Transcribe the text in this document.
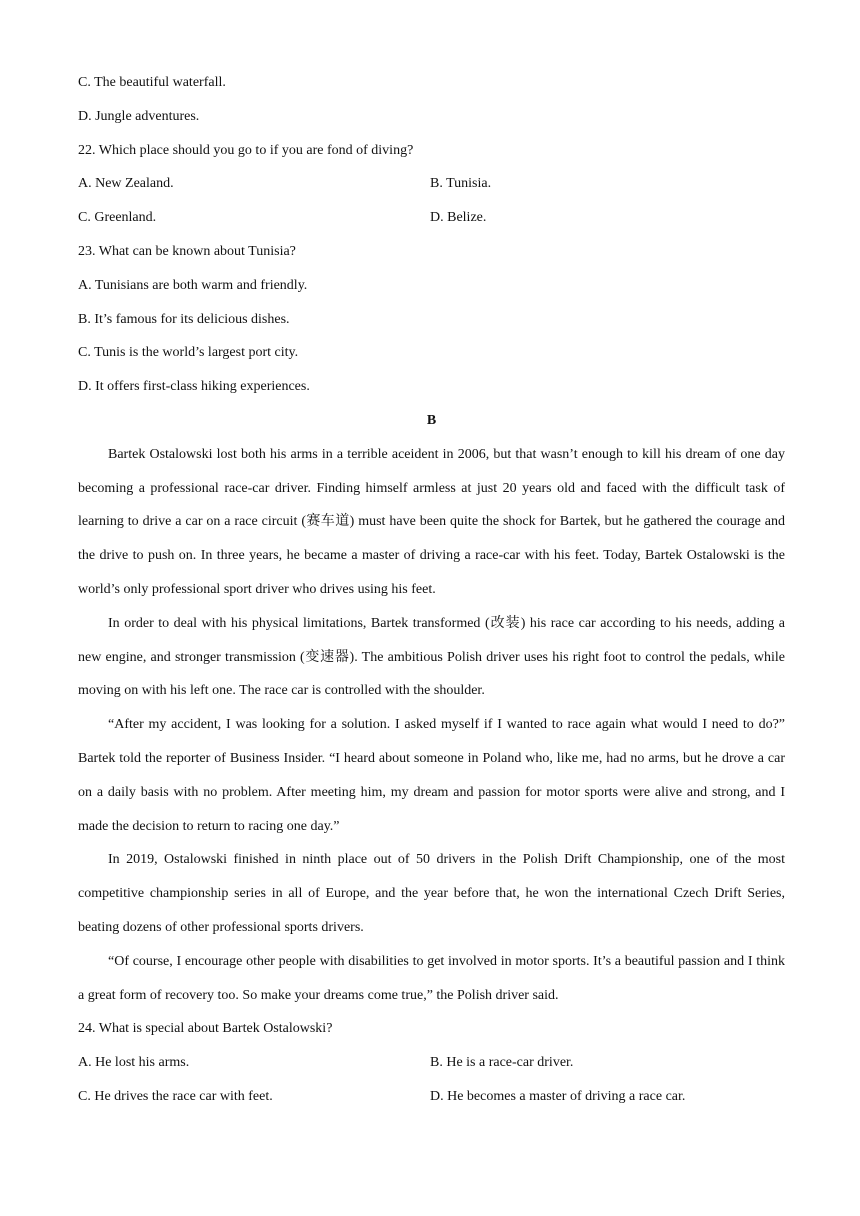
C. The beautiful waterfall.
D. Jungle adventures.
22. Which place should you go to if you are fond of diving?
A. New Zealand.	B. Tunisia.
C. Greenland.	D. Belize.
23. What can be known about Tunisia?
A. Tunisians are both warm and friendly.
B. It’s famous for its delicious dishes.
C. Tunis is the world’s largest port city.
D. It offers first-class hiking experiences.
B

Bartek Ostalowski lost both his arms in a terrible aceident in 2006, but that wasn’t enough to kill his dream of one day becoming a professional race-car driver. Finding himself armless at just 20 years old and faced with the difficult task of learning to drive a car on a race circuit (赛车道) must have been quite the shock for Bartek, but he gathered the courage and the drive to push on. In three years, he became a master of driving a race-car with his feet. Today, Bartek Ostalowski is the world’s only professional sport driver who drives using his feet.

In order to deal with his physical limitations, Bartek transformed (改装) his race car according to his needs, adding a new engine, and stronger transmission (变速器). The ambitious Polish driver uses his right foot to control the pedals, while moving on with his left one. The race car is controlled with the shoulder.

“After my accident, I was looking for a solution. I asked myself if I wanted to race again what would I need to do?” Bartek told the reporter of Business Insider. “I heard about someone in Poland who, like me, had no arms, but he drove a car on a daily basis with no problem. After meeting him, my dream and passion for motor sports were alive and strong, and I made the decision to return to racing one day.”

In 2019, Ostalowski finished in ninth place out of 50 drivers in the Polish Drift Championship, one of the most competitive championship series in all of Europe, and the year before that, he won the international Czech Drift Series, beating dozens of other professional sports drivers.

“Of course, I encourage other people with disabilities to get involved in motor sports. It’s a beautiful passion and I think a great form of recovery too. So make your dreams come true,” the Polish driver said.

24. What is special about Bartek Ostalowski?
A. He lost his arms.	B. He is a race-car driver.
C. He drives the race car with feet.	D. He becomes a master of driving a race car.
